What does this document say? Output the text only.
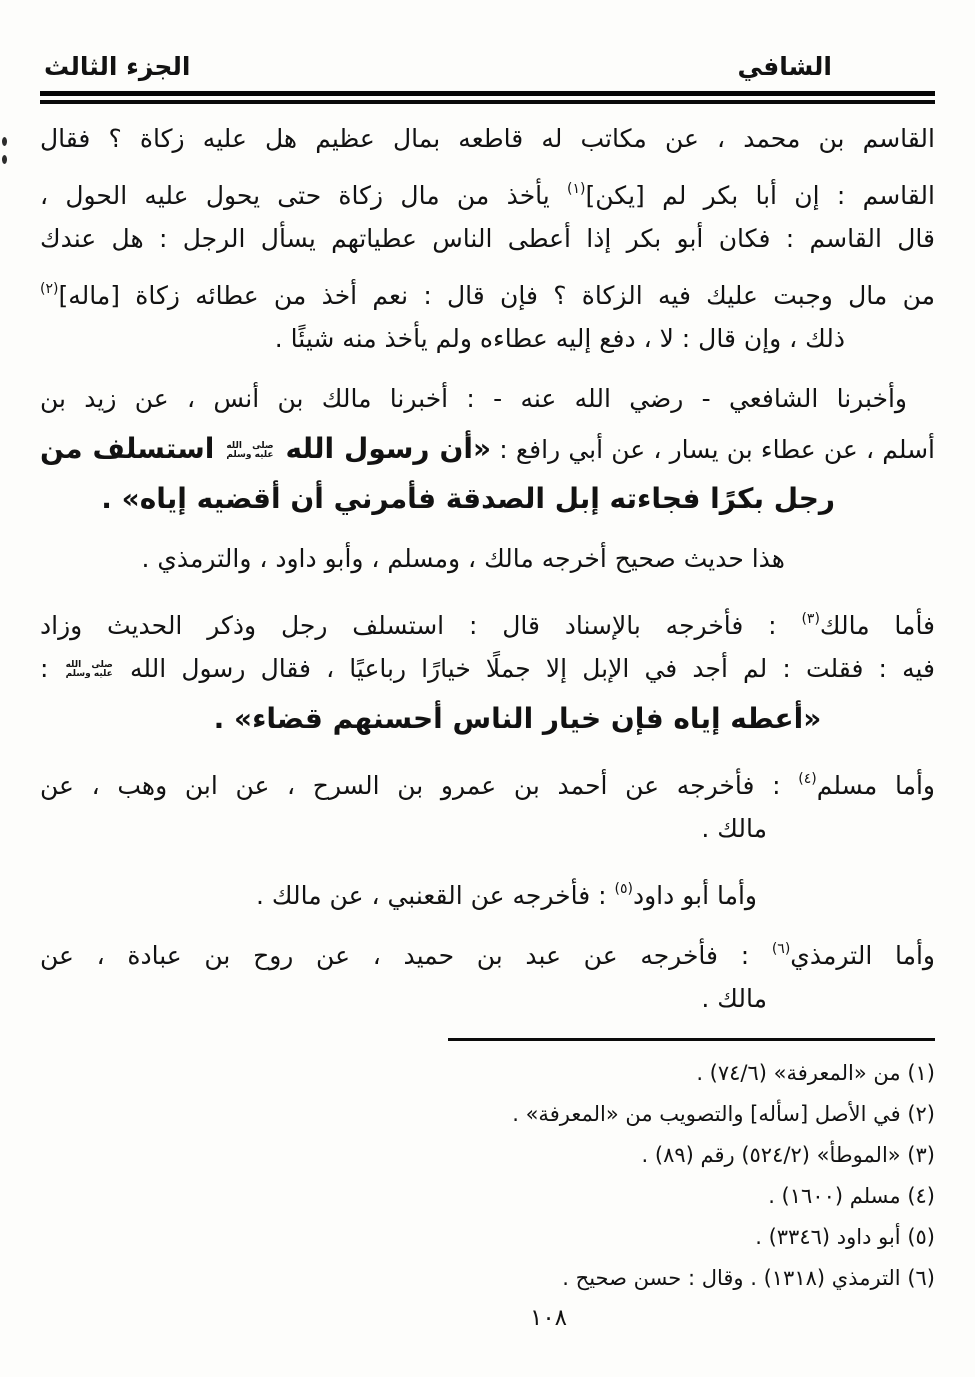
الشافي
الجزء الثالث
القاسم بن محمد ، عن مكاتب له قاطعه بمال عظيم هل عليه زكاة ؟ فقال
القاسم : إن أبا بكر لم [يكن]$^{(١)}$ يأخذ من مال زكاة حتى يحول عليه الحول ،
قال القاسم : فكان أبو بكر إذا أعطى الناس عطياتهم يسأل الرجل : هل عندك
من مال وجبت عليك فيه الزكاة ؟ فإن قال : نعم أخذ من عطائه زكاة [ماله]$^{(٢)}$
ذلك ، وإن قال : لا ، دفع إليه عطاءه ولم يأخذ منه شيئًا .
وأخبرنا الشافعي - رضي الله عنه - : أخبرنا مالك بن أنس ، عن زيد بن
أسلم ، عن عطاء بن يسار ، عن أبي رافع : «أن رسول الله
صلى الله
عليه وسلم
استسلف من
رجل بكرًا فجاءته إبل الصدقة فأمرني أن أقضيه إياه» .
هذا حديث صحيح أخرجه مالك ، ومسلم ، وأبو داود ، والترمذي .
فأما مالك$^{(٣)}$ : فأخرجه بالإسناد قال : استسلف رجل وذكر الحديث وزاد
فيه : فقلت : لم أجد في الإبل إلا جملًا خيارًا رباعيًا ، فقال رسول الله
صلى الله
عليه وسلم
:
«أعطه إياه فإن خيار الناس أحسنهم قضاء» .
وأما مسلم$^{(٤)}$ : فأخرجه عن أحمد بن عمرو بن السرح ، عن ابن وهب ، عن
مالك .
وأما أبو داود$^{(٥)}$ : فأخرجه عن القعنبي ، عن مالك .
وأما الترمذي$^{(٦)}$ : فأخرجه عن عبد بن حميد ، عن روح بن عبادة ، عن
مالك .
(١) من «المعرفة» (٧٤/٦) .
(٢) في الأصل [سأله] والتصويب من «المعرفة» .
(٣) «الموطأ» (٥٢٤/٢) رقم (٨٩) .
(٤) مسلم (١٦٠٠) .
(٥) أبو داود (٣٣٤٦) .
(٦) الترمذي (١٣١٨) . وقال : حسن صحيح .
١٠٨
